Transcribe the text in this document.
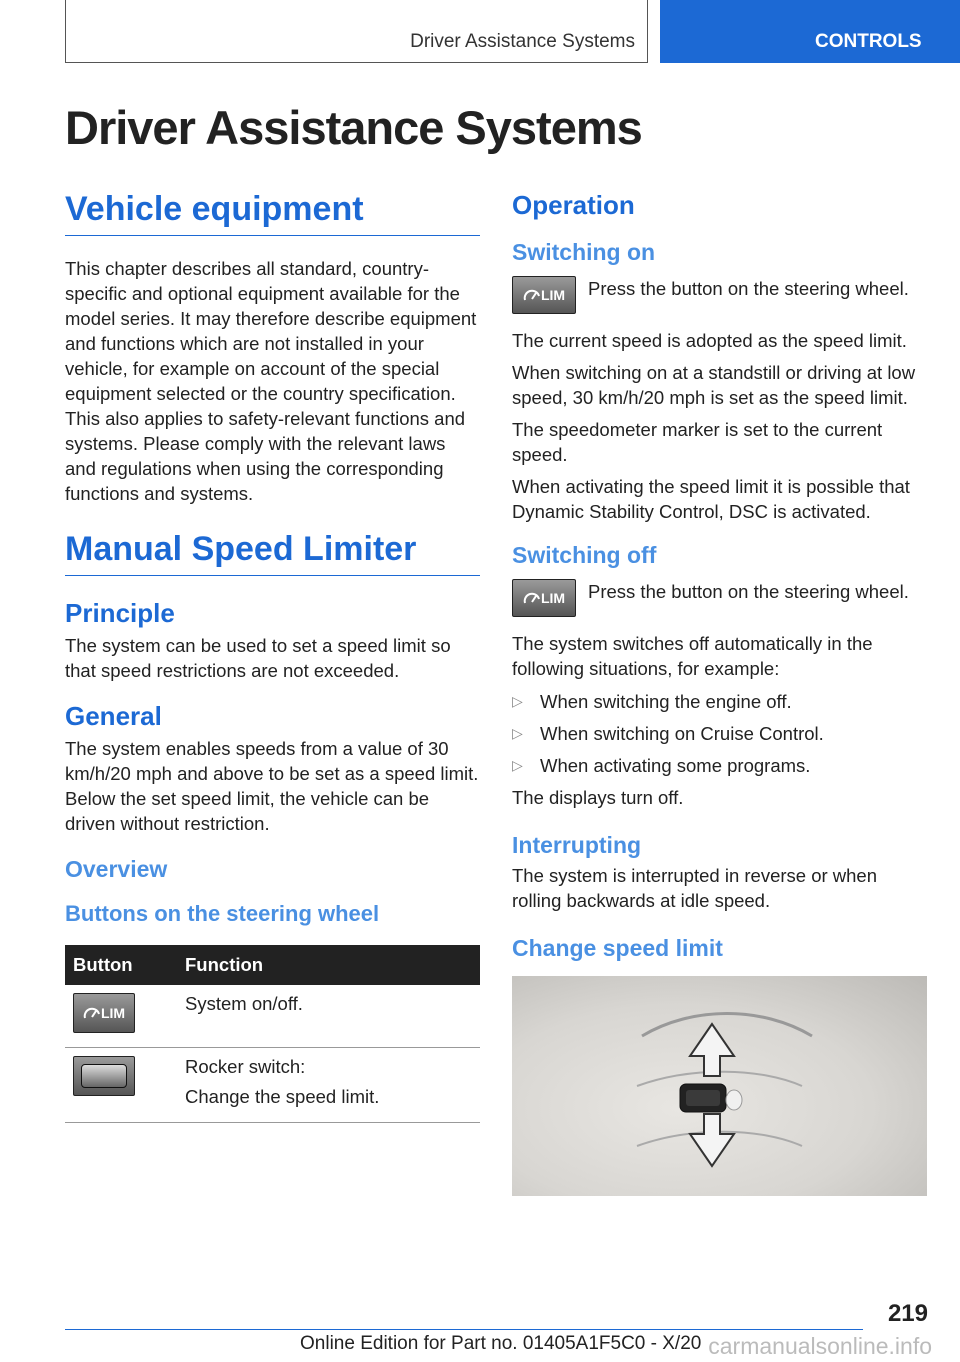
Driver Assistance Systems	CONTROLS
Driver Assistance Systems
Vehicle equipment

This chapter describes all standard, country-specific and optional equipment available for the model series. It may therefore describe equipment and functions which are not installed in your vehicle, for example on account of the special equipment selected or the country specification. This also applies to safety-relevant functions and systems. Please comply with the relevant laws and regulations when using the corresponding functions and systems.

Manual Speed Limiter
Principle

The system can be used to set a speed limit so that speed restrictions are not exceeded.

General

The system enables speeds from a value of 30 km/h/20 mph and above to be set as a speed limit. Below the set speed limit, the vehicle can be driven without restriction.

Overview
Buttons on the steering wheel
Button	Function

LIM	System on/off.

	Rocker switch:
Change the speed limit.
Operation
Switching on
LIM Press the button on the steering wheel.

The current speed is adopted as the speed limit.

When switching on at a standstill or driving at low speed, 30 km/h/20 mph is set as the speed limit.

The speedometer marker is set to the current speed.

When activating the speed limit it is possible that Dynamic Stability Control, DSC is activated.

Switching off
LIM Press the button on the steering wheel.

The system switches off automatically in the following situations, for example:

▷ When switching the engine off.
▷ When switching on Cruise Control.
▷ When activating some programs.

The displays turn off.

Interrupting

The system is interrupted in reverse or when rolling backwards at idle speed.

Change speed limit
219
Online Edition for Part no. 01405A1F5C0 - X/20 carmanualsonline.info
